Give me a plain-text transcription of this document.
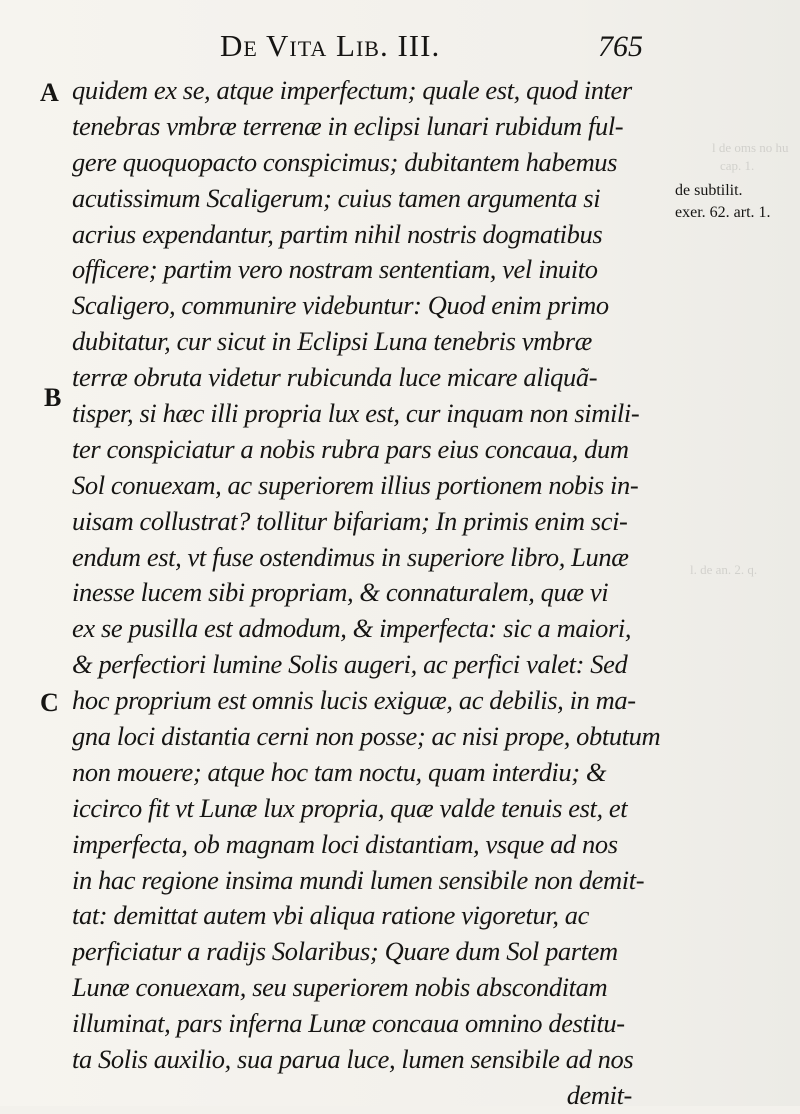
l de oms no hu
cap. 1.
l. de an. 2. q.
De Vita Lib. III.	765
A
B
C
de subtilit.
exer. 62. art. 1.
quidem ex se, atque imperfectum; quale est, quod inter
tenebras vmbræ terrenæ in eclipsi lunari rubidum ful-
gere quoquopacto conspicimus; dubitantem habemus
acutissimum Scaligerum; cuius tamen argumenta si
acrius expendantur, partim nihil nostris dogmatibus
officere; partim vero nostram sententiam, vel inuito
Scaligero, communire videbuntur: Quod enim primo
dubitatur, cur sicut in Eclipsi Luna tenebris vmbræ
terræ obruta videtur rubicunda luce micare aliquã-
tisper, si hæc illi propria lux est, cur inquam non simili-
ter conspiciatur a nobis rubra pars eius concaua, dum
Sol conuexam, ac superiorem illius portionem nobis in-
uisam collustrat? tollitur bifariam; In primis enim sci-
endum est, vt fuse ostendimus in superiore libro, Lunæ
inesse lucem sibi propriam, & connaturalem, quæ vi
ex se pusilla est admodum, & imperfecta: sic a maiori,
& perfectiori lumine Solis augeri, ac perfici valet: Sed
hoc proprium est omnis lucis exiguæ, ac debilis, in ma-
gna loci distantia cerni non posse; ac nisi prope, obtutum
non mouere; atque hoc tam noctu, quam interdiu; &
iccirco fit vt Lunæ lux propria, quæ valde tenuis est, et
imperfecta, ob magnam loci distantiam, vsque ad nos
in hac regione insima mundi lumen sensibile non demit-
tat: demittat autem vbi aliqua ratione vigoretur, ac
perficiatur a radijs Solaribus; Quare dum Sol partem
Lunæ conuexam, seu superiorem nobis absconditam
illuminat, pars inferna Lunæ concaua omnino destitu-
ta Solis auxilio, sua parua luce, lumen sensibile ad nos
demit-
